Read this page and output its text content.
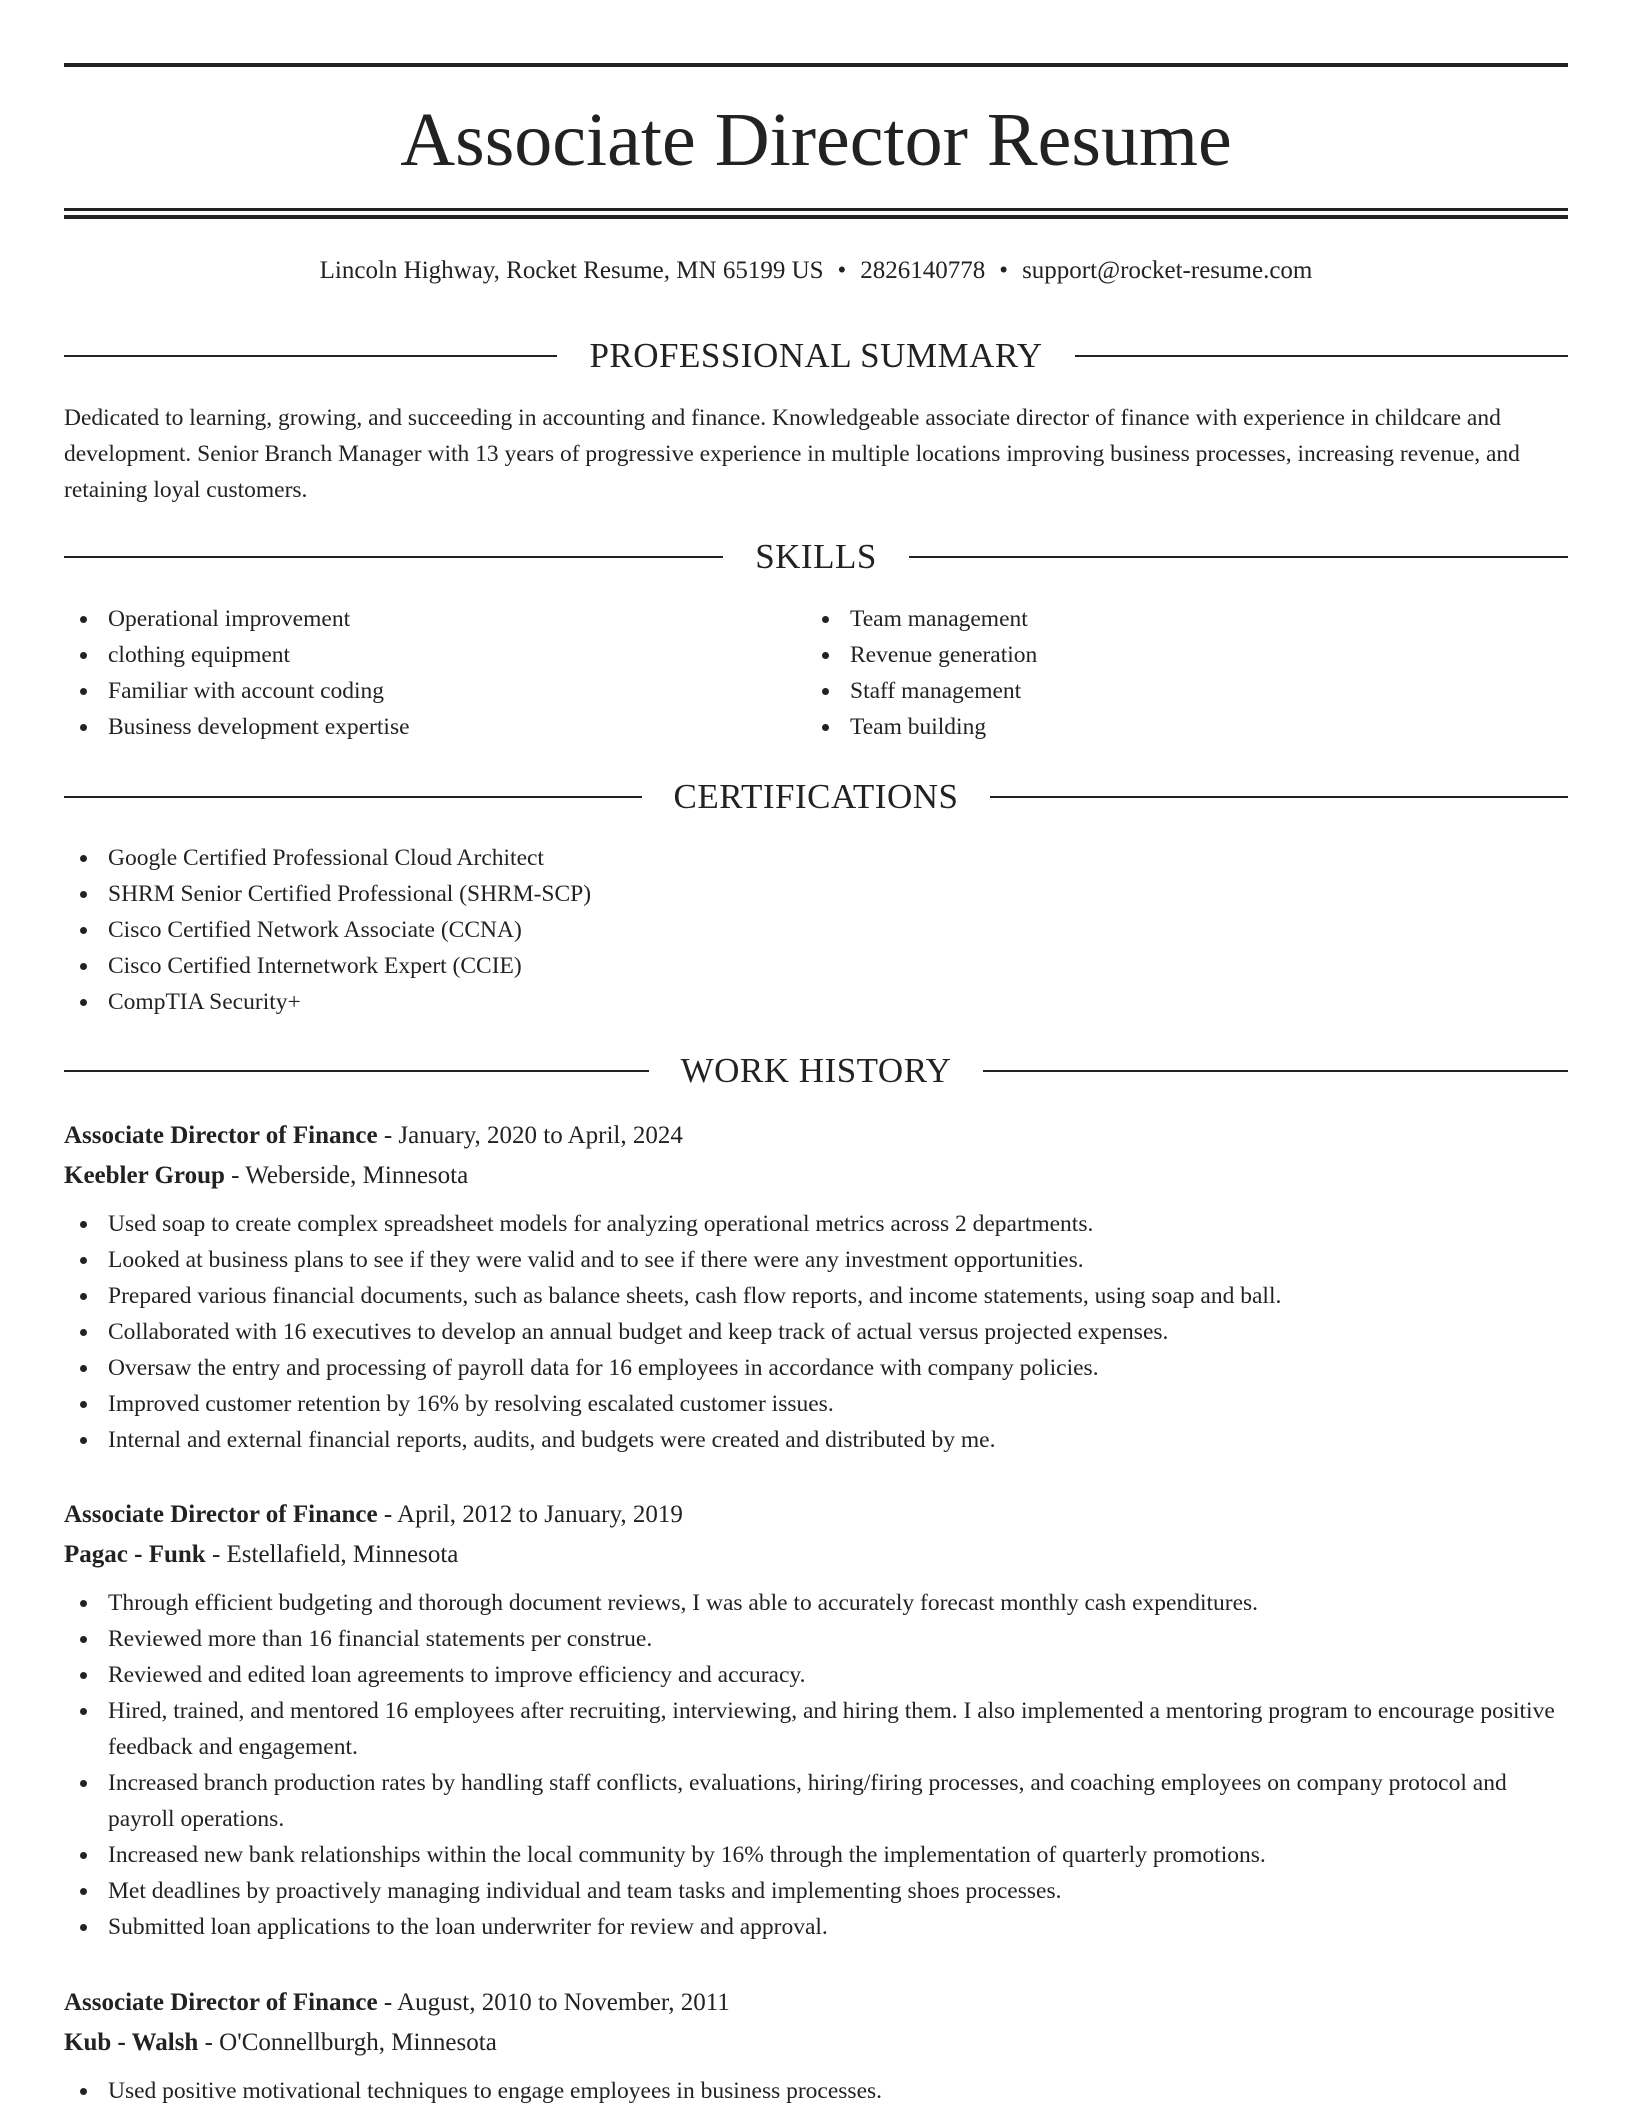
Associate Director Resume
Lincoln Highway, Rocket Resume, MN 65199 US • 2826140778 • support@rocket-resume.com
PROFESSIONAL SUMMARY

Dedicated to learning, growing, and succeeding in accounting and finance. Knowledgeable associate director of finance with experience in childcare and development. Senior Branch Manager with 13 years of progressive experience in multiple locations improving business processes, increasing revenue, and retaining loyal customers.

SKILLS
Operational improvement
clothing equipment
Familiar with account coding
Business development expertise
Team management
Revenue generation
Staff management
Team building
CERTIFICATIONS
Google Certified Professional Cloud Architect
SHRM Senior Certified Professional (SHRM-SCP)
Cisco Certified Network Associate (CCNA)
Cisco Certified Internetwork Expert (CCIE)
CompTIA Security+
WORK HISTORY
Associate Director of Finance - January, 2020 to April, 2024
Keebler Group - Weberside, Minnesota
Used soap to create complex spreadsheet models for analyzing operational metrics across 2 departments.
Looked at business plans to see if they were valid and to see if there were any investment opportunities.
Prepared various financial documents, such as balance sheets, cash flow reports, and income statements, using soap and ball.
Collaborated with 16 executives to develop an annual budget and keep track of actual versus projected expenses.
Oversaw the entry and processing of payroll data for 16 employees in accordance with company policies.
Improved customer retention by 16% by resolving escalated customer issues.
Internal and external financial reports, audits, and budgets were created and distributed by me.
Associate Director of Finance - April, 2012 to January, 2019
Pagac - Funk - Estellafield, Minnesota
Through efficient budgeting and thorough document reviews, I was able to accurately forecast monthly cash expenditures.
Reviewed more than 16 financial statements per construe.
Reviewed and edited loan agreements to improve efficiency and accuracy.
Hired, trained, and mentored 16 employees after recruiting, interviewing, and hiring them. I also implemented a mentoring program to encourage positive feedback and engagement.
Increased branch production rates by handling staff conflicts, evaluations, hiring/firing processes, and coaching employees on company protocol and payroll operations.
Increased new bank relationships within the local community by 16% through the implementation of quarterly promotions.
Met deadlines by proactively managing individual and team tasks and implementing shoes processes.
Submitted loan applications to the loan underwriter for review and approval.
Associate Director of Finance - August, 2010 to November, 2011
Kub - Walsh - O'Connellburgh, Minnesota
Used positive motivational techniques to engage employees in business processes.
